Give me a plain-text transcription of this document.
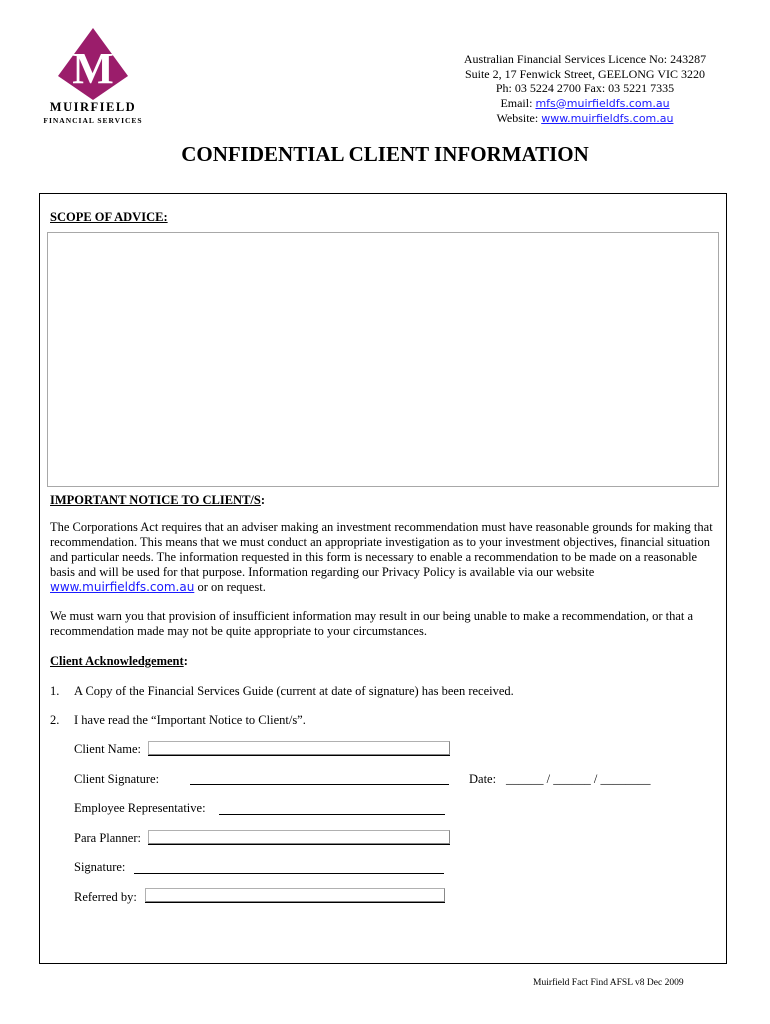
M
MUIRFIELD
FINANCIAL SERVICES
Australian Financial Services Licence No: 243287
Suite 2, 17 Fenwick Street, GEELONG VIC 3220
Ph: 03 5224 2700 Fax: 03 5221 7335
Email: mfs@muirfieldfs.com.au
Website: www.muirfieldfs.com.au
CONFIDENTIAL CLIENT INFORMATION
SCOPE OF ADVICE:
IMPORTANT NOTICE TO CLIENT/S:
The Corporations Act requires that an adviser making an investment recommendation must have reasonable grounds for making that recommendation. This means that we must conduct an appropriate investigation as to your investment objectives, financial situation and particular needs. The information requested in this form is necessary to enable a recommendation to be made on a reasonable basis and will be used for that purpose. Information regarding our Privacy Policy is available via our website www.muirfieldfs.com.au or on request.
We must warn you that provision of insufficient information may result in our being unable to make a recommendation, or that a recommendation made may not be quite appropriate to your circumstances.
Client Acknowledgement:
1. A Copy of the Financial Services Guide (current at date of signature) has been received.
2. I have read the “Important Notice to Client/s”.
Client Name:
Client Signature:	Date: ______ / ______ / ________
Employee Representative:
Para Planner:
Signature:
Referred by:
Muirfield Fact Find AFSL v8 Dec 2009
